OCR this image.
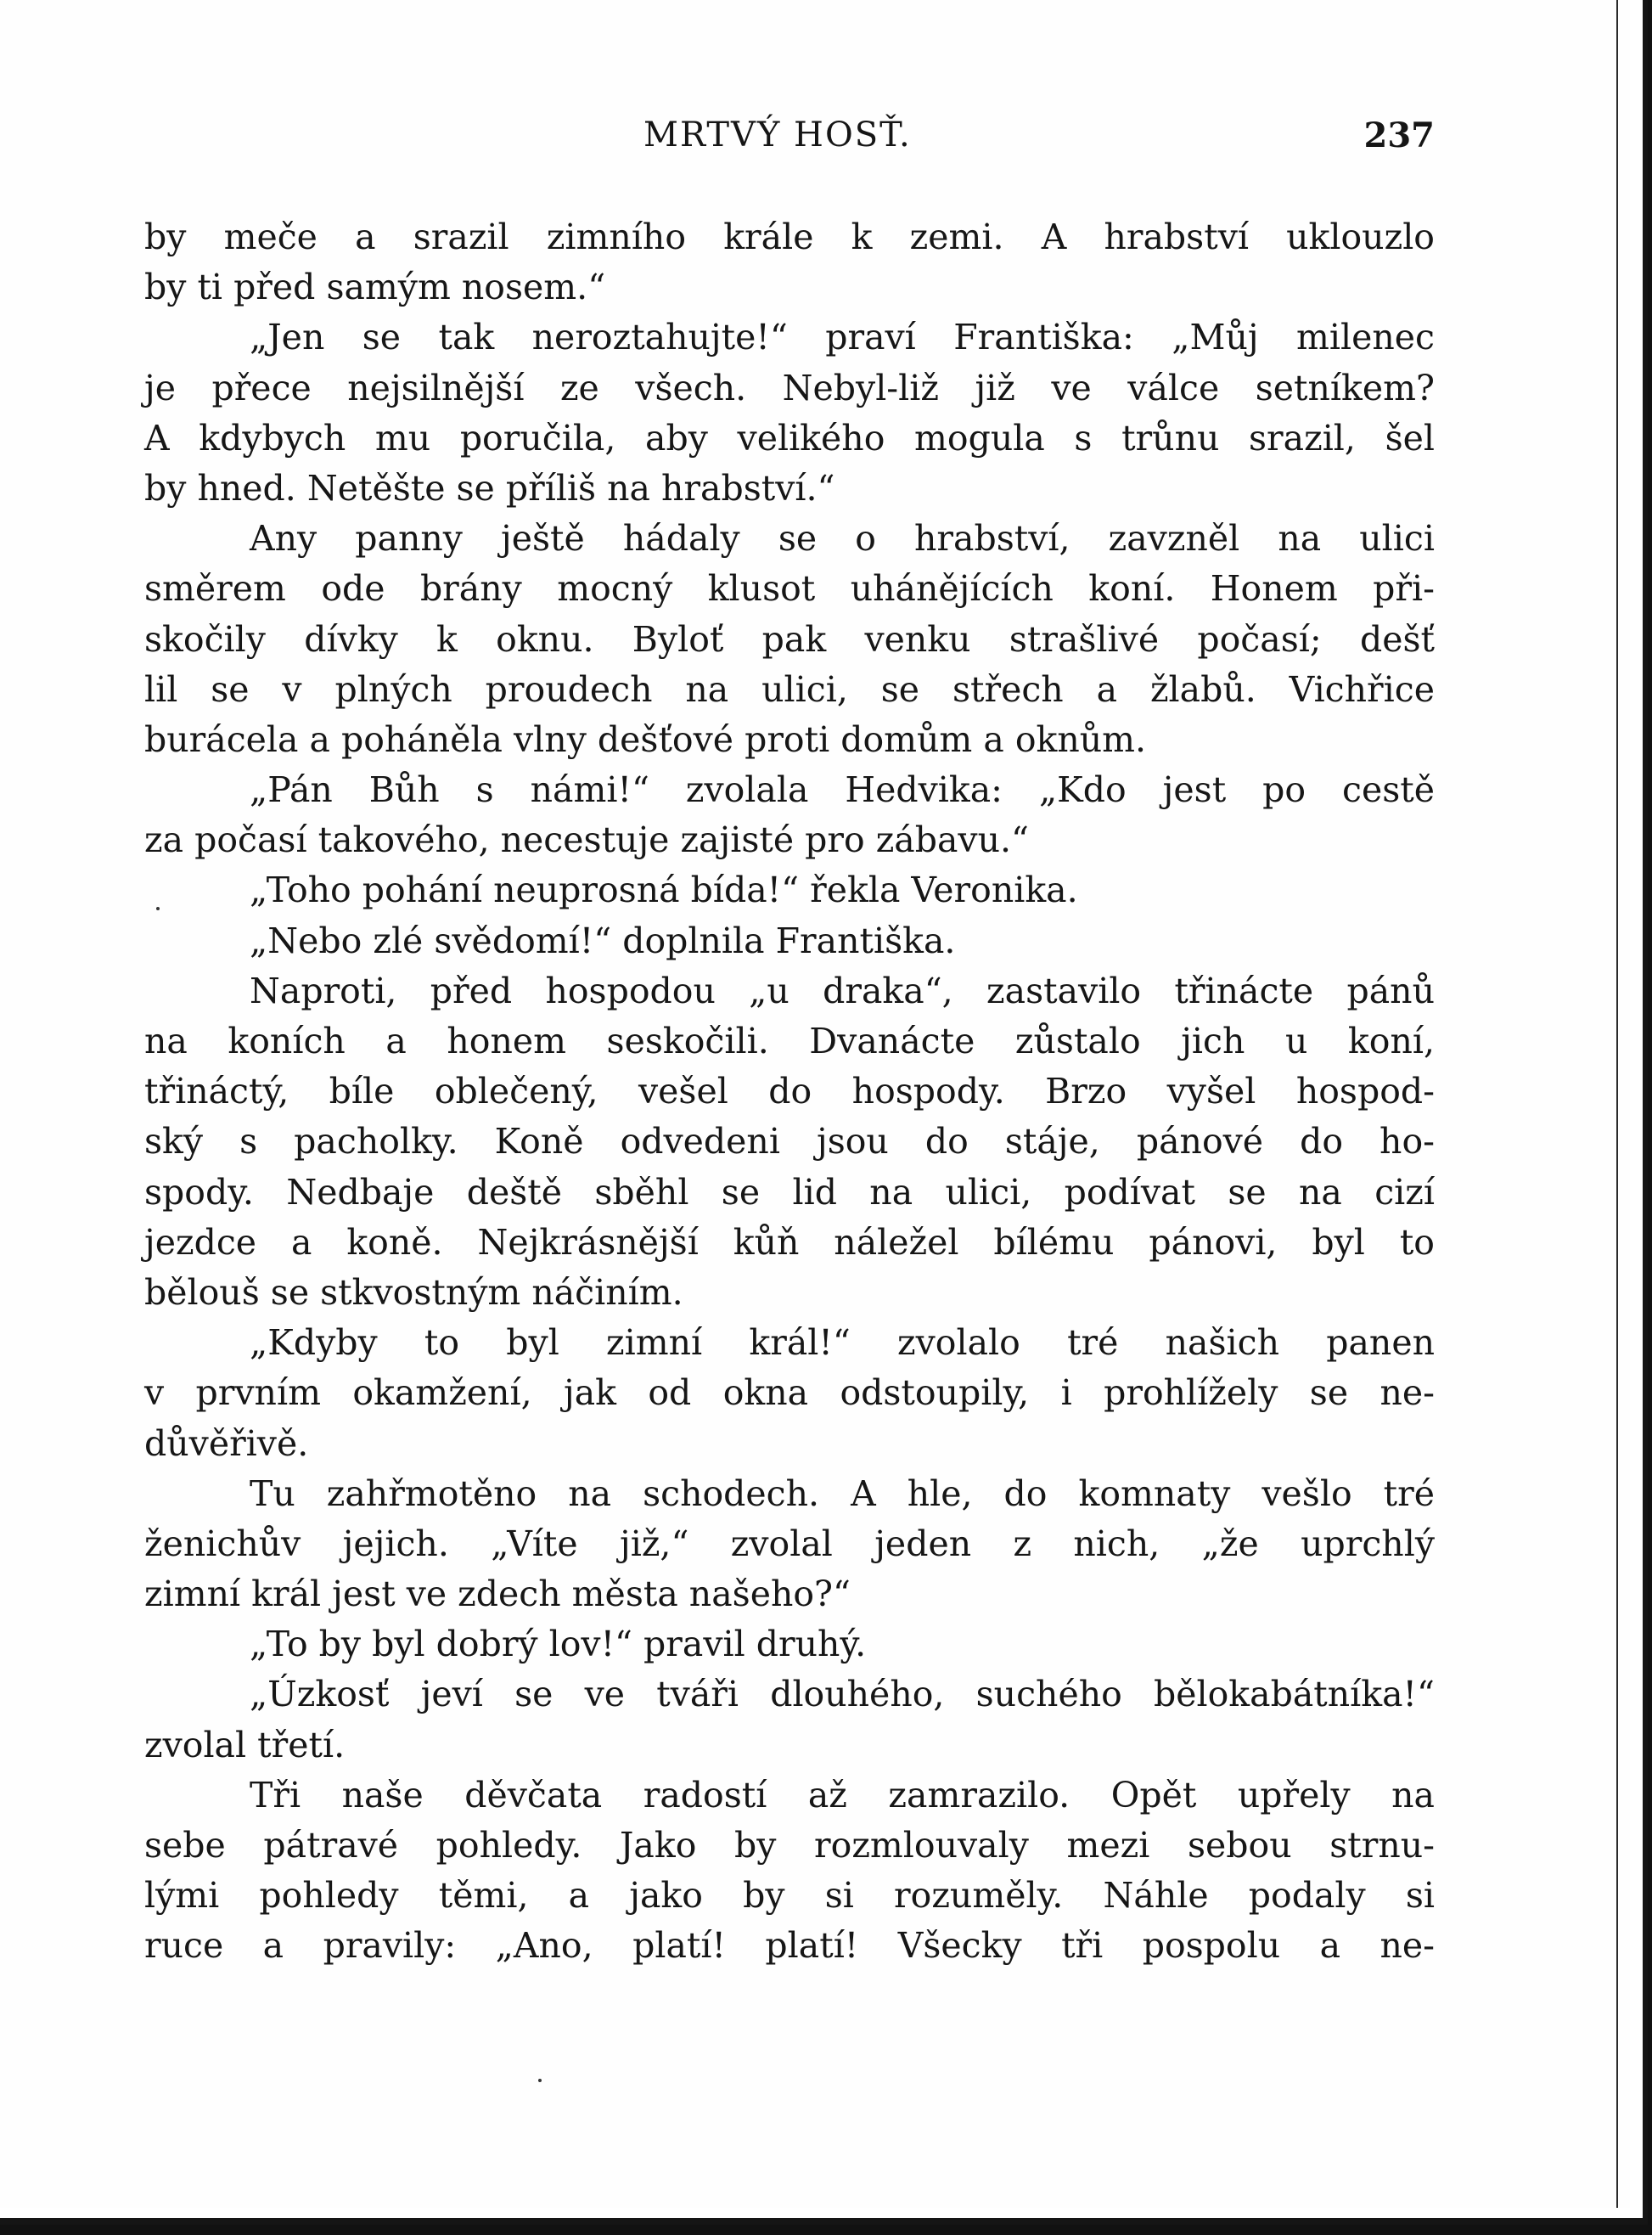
MRTVÝ HOSŤ.	237
by meče a srazil zimního krále k zemi. A hrabství uklouzlo
by ti před samým nosem.“
„Jen se tak neroztahujte!“ praví Františka: „Můj milenec
je přece nejsilnější ze všech. Nebyl-liž již ve válce setníkem?
A kdybych mu poručila, aby velikého mogula s trůnu srazil, šel
by hned. Netěšte se příliš na hrabství.“
Any panny ještě hádaly se o hrabství, zavzněl na ulici
směrem ode brány mocný klusot uhánějících koní. Honem při-
skočily dívky k oknu. Byloť pak venku strašlivé počasí; dešť
lil se v plných proudech na ulici, se střech a žlabů. Vichřice
burácela a poháněla vlny dešťové proti domům a oknům.
„Pán Bůh s námi!“ zvolala Hedvika: „Kdo jest po cestě
za počasí takového, necestuje zajisté pro zábavu.“
„Toho pohání neuprosná bída!“ řekla Veronika.
„Nebo zlé svědomí!“ doplnila Františka.
Naproti, před hospodou „u draka“, zastavilo třinácte pánů
na koních a honem seskočili. Dvanácte zůstalo jich u koní,
třináctý, bíle oblečený, vešel do hospody. Brzo vyšel hospod-
ský s pacholky. Koně odvedeni jsou do stáje, pánové do ho-
spody. Nedbaje deště sběhl se lid na ulici, podívat se na cizí
jezdce a koně. Nejkrásnější kůň náležel bílému pánovi, byl to
bělouš se stkvostným náčiním.
„Kdyby to byl zimní král!“ zvolalo tré našich panen
v prvním okamžení, jak od okna odstoupily, i prohlížely se ne-
důvěřivě.
Tu zahřmotěno na schodech. A hle, do komnaty vešlo tré
ženichův jejich. „Víte již,“ zvolal jeden z nich, „že uprchlý
zimní král jest ve zdech města našeho?“
„To by byl dobrý lov!“ pravil druhý.
„Úzkosť jeví se ve tváři dlouhého, suchého bělokabátníka!“
zvolal třetí.
Tři naše děvčata radostí až zamrazilo. Opět upřely na
sebe pátravé pohledy. Jako by rozmlouvaly mezi sebou strnu-
lými pohledy těmi, a jako by si rozuměly. Náhle podaly si
ruce a pravily: „Ano, platí! platí! Všecky tři pospolu a ne-
